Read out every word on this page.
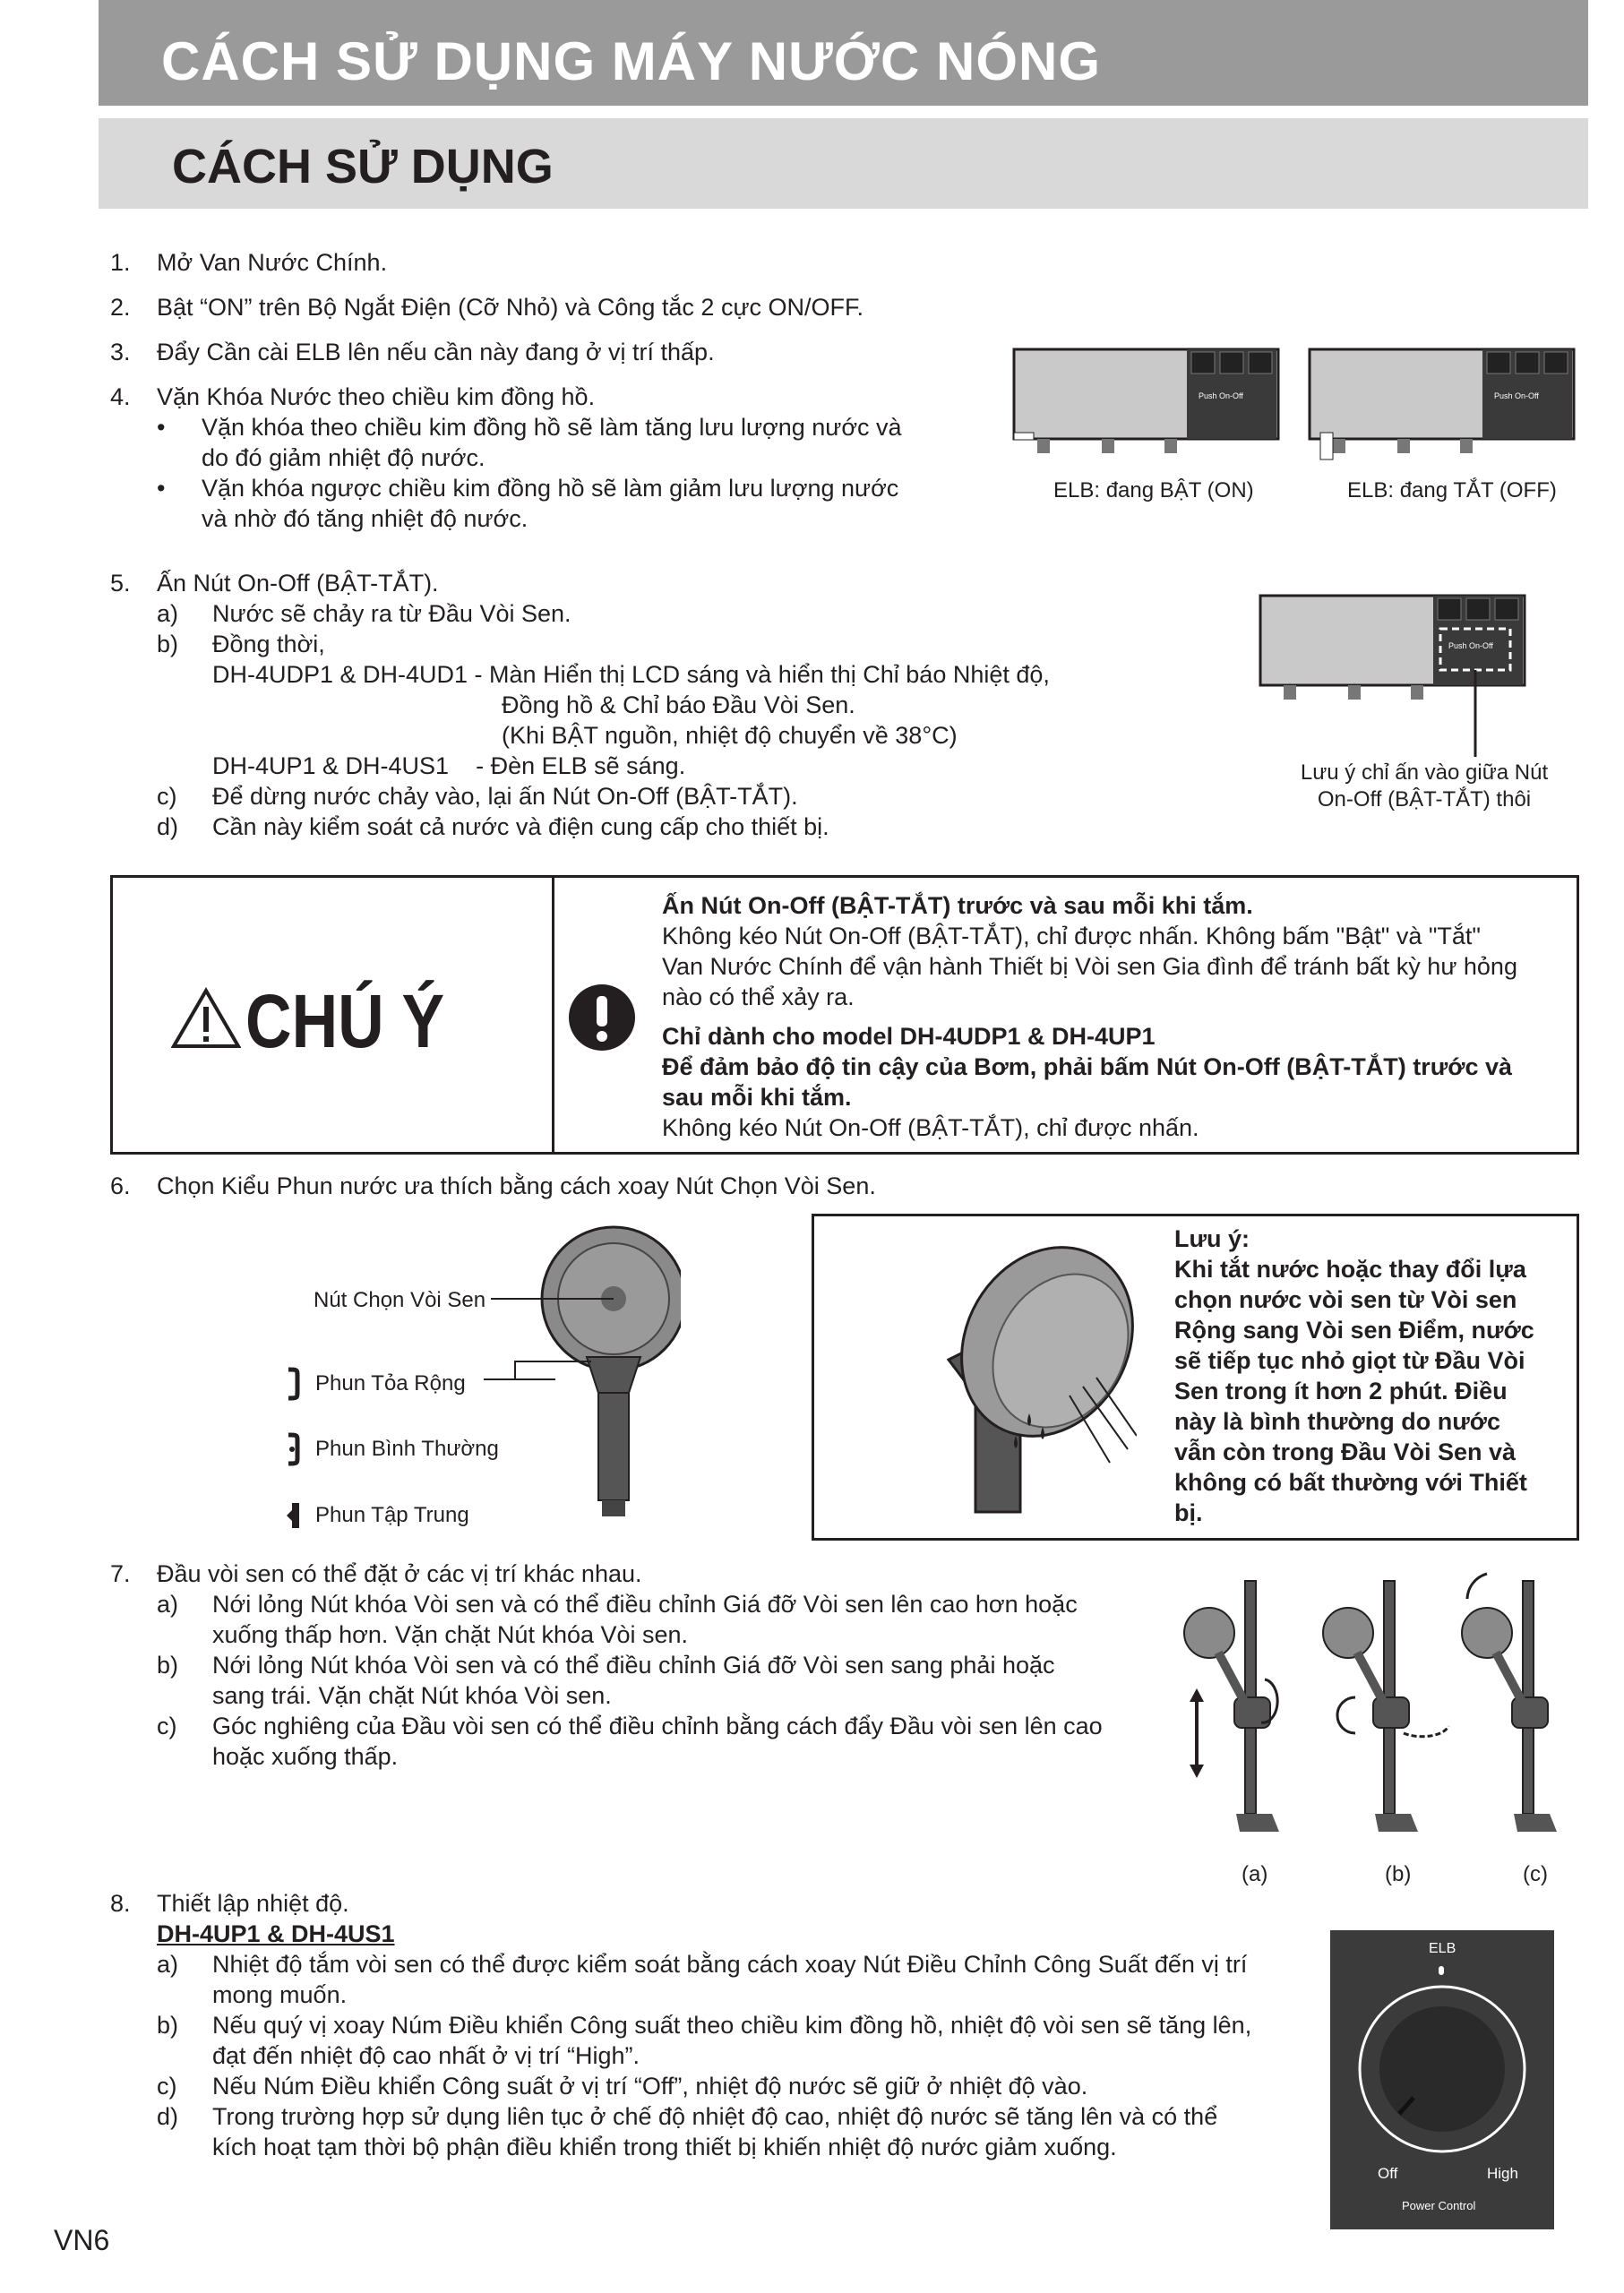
CÁCH SỬ DỤNG MÁY NƯỚC NÓNG
CÁCH SỬ DỤNG
1. Mở Van Nước Chính.
2. Bật “ON” trên Bộ Ngắt Điện (Cỡ Nhỏ) và Công tắc 2 cực ON/OFF.
3. Đẩy Cần cài ELB lên nếu cần này đang ở vị trí thấp.
4. Vặn Khóa Nước theo chiều kim đồng hồ.
• Vặn khóa theo chiều kim đồng hồ sẽ làm tăng lưu lượng nước và
do đó giảm nhiệt độ nước.
• Vặn khóa ngược chiều kim đồng hồ sẽ làm giảm lưu lượng nước
và nhờ đó tăng nhiệt độ nước.
Push On-Off	Push On-Off
ELB: đang BẬT (ON)	ELB: đang TẮT (OFF)
5. Ấn Nút On-Off (BẬT-TẮT).
a) Nước sẽ chảy ra từ Đầu Vòi Sen.
b) Đồng thời,
DH-4UDP1 & DH-4UD1 - Màn Hiển thị LCD sáng và hiển thị Chỉ báo Nhiệt độ,
Đồng hồ & Chỉ báo Đầu Vòi Sen.
(Khi BẬT nguồn, nhiệt độ chuyển về 38°C)
DH-4UP1 & DH-4US1    - Đèn ELB sẽ sáng.
c) Để dừng nước chảy vào, lại ấn Nút On-Off (BẬT-TẮT).
d) Cần này kiểm soát cả nước và điện cung cấp cho thiết bị.
Push On-Off
Lưu ý chỉ ấn vào giữa Nút
On-Off (BẬT-TẮT) thôi
CHÚ Ý
Ấn Nút On-Off (BẬT-TẮT) trước và sau mỗi khi tắm.
Không kéo Nút On-Off (BẬT-TẮT), chỉ được nhấn. Không bấm "Bật" và "Tắt"
Van Nước Chính để vận hành Thiết bị Vòi sen Gia đình để tránh bất kỳ hư hỏng
nào có thể xảy ra.
Chỉ dành cho model DH-4UDP1 & DH-4UP1
Để đảm bảo độ tin cậy của Bơm, phải bấm Nút On-Off (BẬT-TẮT) trước và
sau mỗi khi tắm.
Không kéo Nút On-Off (BẬT-TẮT), chỉ được nhấn.
6. Chọn Kiểu Phun nước ưa thích bằng cách xoay Nút Chọn Vòi Sen.
Nút Chọn Vòi Sen
Phun Tỏa Rộng
Phun Bình Thường
Phun Tập Trung
Lưu ý:
Khi tắt nước hoặc thay đổi lựa
chọn nước vòi sen từ Vòi sen
Rộng sang Vòi sen Điểm, nước
sẽ tiếp tục nhỏ giọt từ Đầu Vòi
Sen trong ít hơn 2 phút. Điều
này là bình thường do nước
vẫn còn trong Đầu Vòi Sen và
không có bất thường với Thiết
bị.
7. Đầu vòi sen có thể đặt ở các vị trí khác nhau.
a) Nới lỏng Nút khóa Vòi sen và có thể điều chỉnh Giá đỡ Vòi sen lên cao hơn hoặc
xuống thấp hơn. Vặn chặt Nút khóa Vòi sen.
b) Nới lỏng Nút khóa Vòi sen và có thể điều chỉnh Giá đỡ Vòi sen sang phải hoặc
sang trái. Vặn chặt Nút khóa Vòi sen.
c) Góc nghiêng của Đầu vòi sen có thể điều chỉnh bằng cách đẩy Đầu vòi sen lên cao
hoặc xuống thấp.
(a)	(b)	(c)
8. Thiết lập nhiệt độ.
DH-4UP1 & DH-4US1
a) Nhiệt độ tắm vòi sen có thể được kiểm soát bằng cách xoay Nút Điều Chỉnh Công Suất đến vị trí
mong muốn.
b) Nếu quý vị xoay Núm Điều khiển Công suất theo chiều kim đồng hồ, nhiệt độ vòi sen sẽ tăng lên,
đạt đến nhiệt độ cao nhất ở vị trí “High”.
c) Nếu Núm Điều khiển Công suất ở vị trí “Off”, nhiệt độ nước sẽ giữ ở nhiệt độ vào.
d) Trong trường hợp sử dụng liên tục ở chế độ nhiệt độ cao, nhiệt độ nước sẽ tăng lên và có thể
kích hoạt tạm thời bộ phận điều khiển trong thiết bị khiến nhiệt độ nước giảm xuống.
ELB
Off	High
Power Control
VN6
